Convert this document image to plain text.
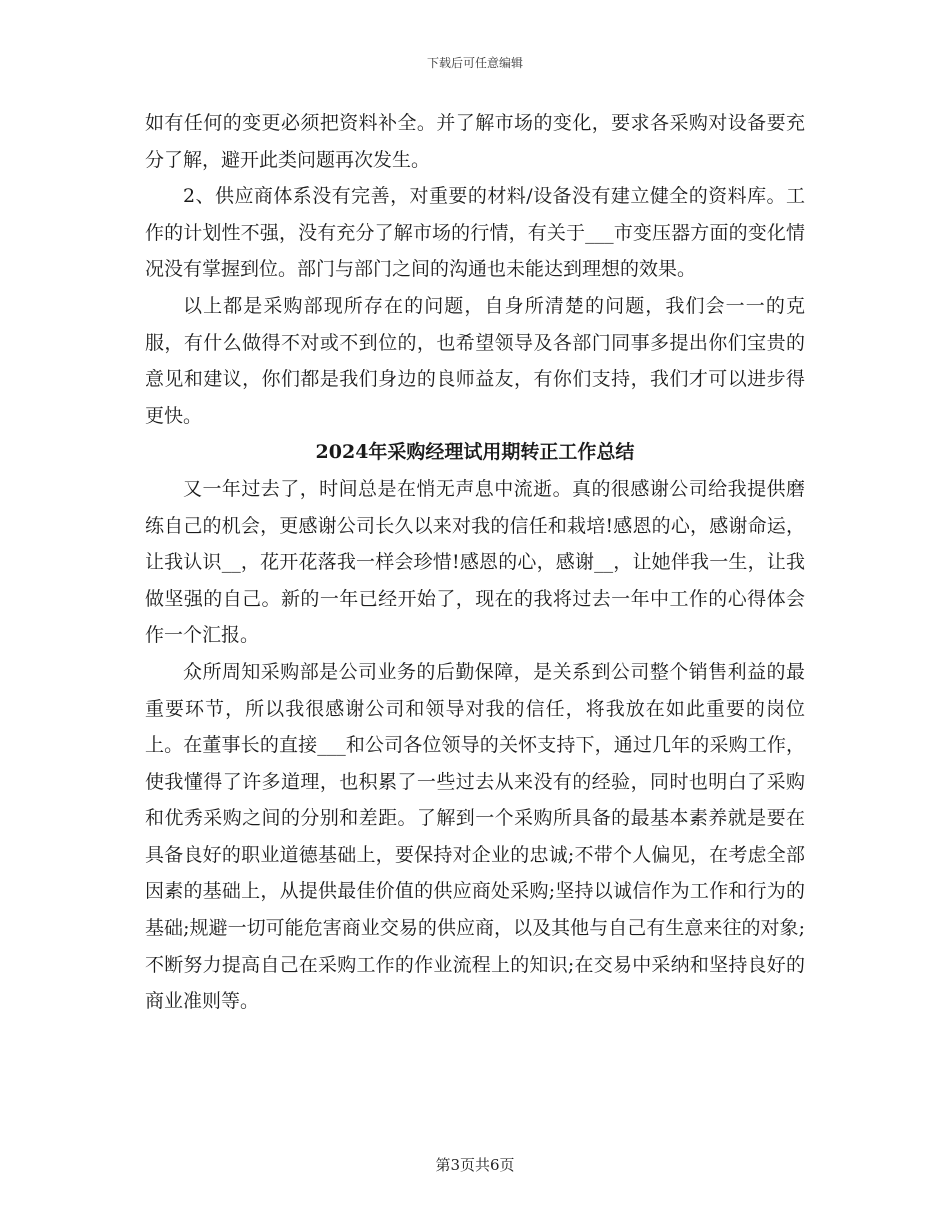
下载后可任意编辑

如有任何的变更必须把资料补全。并了解市场的变化，要求各采购对设备要充分了解，避开此类问题再次发生。

2、供应商体系没有完善，对重要的材料/设备没有建立健全的资料库。工作的计划性不强，没有充分了解市场的行情，有关于___市变压器方面的变化情况没有掌握到位。部门与部门之间的沟通也未能达到理想的效果。

以上都是采购部现所存在的问题，自身所清楚的问题，我们会一一的克服，有什么做得不对或不到位的，也希望领导及各部门同事多提出你们宝贵的意见和建议，你们都是我们身边的良师益友，有你们支持，我们才可以进步得更快。

2024年采购经理试用期转正工作总结

又一年过去了，时间总是在悄无声息中流逝。真的很感谢公司给我提供磨练自己的机会，更感谢公司长久以来对我的信任和栽培!感恩的心，感谢命运，让我认识__，花开花落我一样会珍惜!感恩的心，感谢__，让她伴我一生，让我做坚强的自己。新的一年已经开始了，现在的我将过去一年中工作的心得体会作一个汇报。

众所周知采购部是公司业务的后勤保障，是关系到公司整个销售利益的最重要环节，所以我很感谢公司和领导对我的信任，将我放在如此重要的岗位上。在董事长的直接___和公司各位领导的关怀支持下，通过几年的采购工作，使我懂得了许多道理，也积累了一些过去从来没有的经验，同时也明白了采购和优秀采购之间的分别和差距。了解到一个采购所具备的最基本素养就是要在具备良好的职业道德基础上，要保持对企业的忠诚;不带个人偏见，在考虑全部因素的基础上，从提供最佳价值的供应商处采购;坚持以诚信作为工作和行为的基础;规避一切可能危害商业交易的供应商，以及其他与自己有生意来往的对象;不断努力提高自己在采购工作的作业流程上的知识;在交易中采纳和坚持良好的商业准则等。

第3页共6页
